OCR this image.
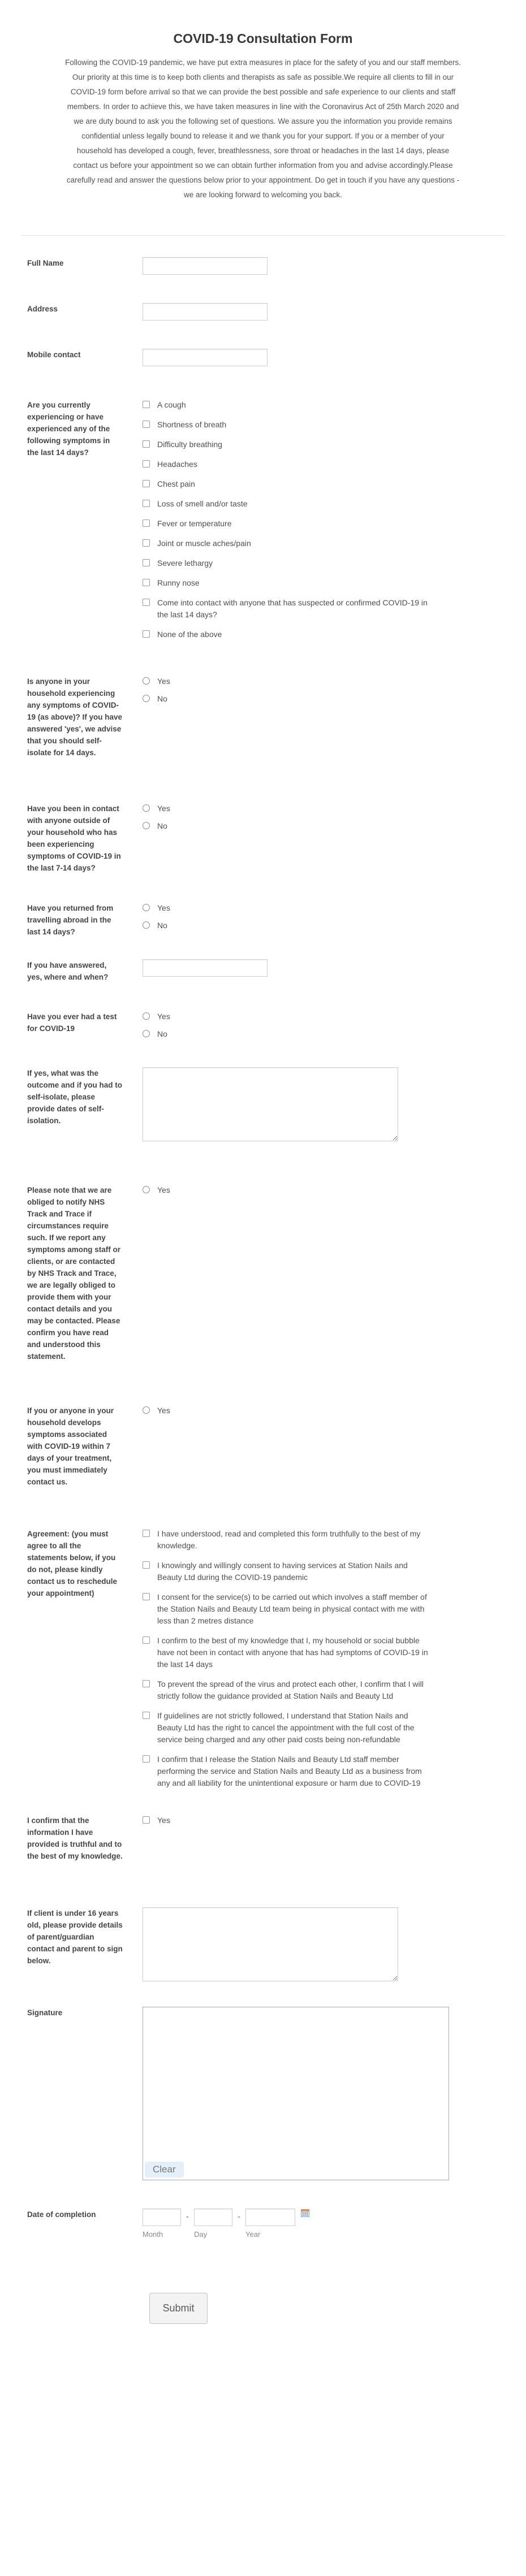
COVID-19 Consultation Form

Following the COVID-19 pandemic, we have put extra measures in place for the safety of you and our staff members. Our priority at this time is to keep both clients and therapists as safe as possible.We require all clients to fill in our COVID-19 form before arrival so that we can provide the best possible and safe experience to our clients and staff members. In order to achieve this, we have taken measures in line with the Coronavirus Act of 25th March 2020 and we are duty bound to ask you the following set of questions. We assure you the information you provide remains confidential unless legally bound to release it and we thank you for your support. If you or a member of your household has developed a cough, fever, breathlessness, sore throat or headaches in the last 14 days, please contact us before your appointment so we can obtain further information from you and advise accordingly.Please carefully read and answer the questions below prior to your appointment. Do get in touch if you have any questions - we are looking forward to welcoming you back.

Full Name
Address
Mobile contact
Are you currently experiencing or have experienced any of the following symptoms in the last 14 days?
A cough
Shortness of breath
Difficulty breathing
Headaches
Chest pain
Loss of smell and/or taste
Fever or temperature
Joint or muscle aches/pain
Severe lethargy
Runny nose
Come into contact with anyone that has suspected or confirmed COVID-19 in the last 14 days?
None of the above
Is anyone in your household experiencing any symptoms of COVID-19 (as above)? If you have answered 'yes', we advise that you should self-isolate for 14 days.
Yes
No
Have you been in contact with anyone outside of your household who has been experiencing symptoms of COVID-19 in the last 7-14 days?
Yes
No
Have you returned from travelling abroad in the last 14 days?
Yes
No
If you have answered, yes, where and when?
Have you ever had a test for COVID-19
Yes
No
If yes, what was the outcome and if you had to self-isolate, please provide dates of self-isolation.
Please note that we are obliged to notify NHS Track and Trace if circumstances require such. If we report any symptoms among staff or clients, or are contacted by NHS Track and Trace, we are legally obliged to provide them with your contact details and you may be contacted. Please confirm you have read and understood this statement.
Yes
If you or anyone in your household develops symptoms associated with COVID-19 within 7 days of your treatment, you must immediately contact us.
Yes
Agreement: (you must agree to all the statements below, if you do not, please kindly contact us to reschedule your appointment)
I have understood, read and completed this form truthfully to the best of my knowledge.
I knowingly and willingly consent to having services at Station Nails and Beauty Ltd during the COVID-19 pandemic
I consent for the service(s) to be carried out which involves a staff member of the Station Nails and Beauty Ltd team being in physical contact with me with less than 2 metres distance
I confirm to the best of my knowledge that I, my household or social bubble have not been in contact with anyone that has had symptoms of COVID-19 in the last 14 days
To prevent the spread of the virus and protect each other, I confirm that I will strictly follow the guidance provided at Station Nails and Beauty Ltd
If guidelines are not strictly followed, I understand that Station Nails and Beauty Ltd has the right to cancel the appointment with the full cost of the service being charged and any other paid costs being non-refundable
I confirm that I release the Station Nails and Beauty Ltd staff member performing the service and Station Nails and Beauty Ltd as a business from any and all liability for the unintentional exposure or harm due to COVID-19
I confirm that the information I have provided is truthful and to the best of my knowledge.
Yes
If client is under 16 years old, please provide details of parent/guardian contact and parent to sign below.
Signature
Clear
Date of completion
Month
-
Day
-
Year
Submit
